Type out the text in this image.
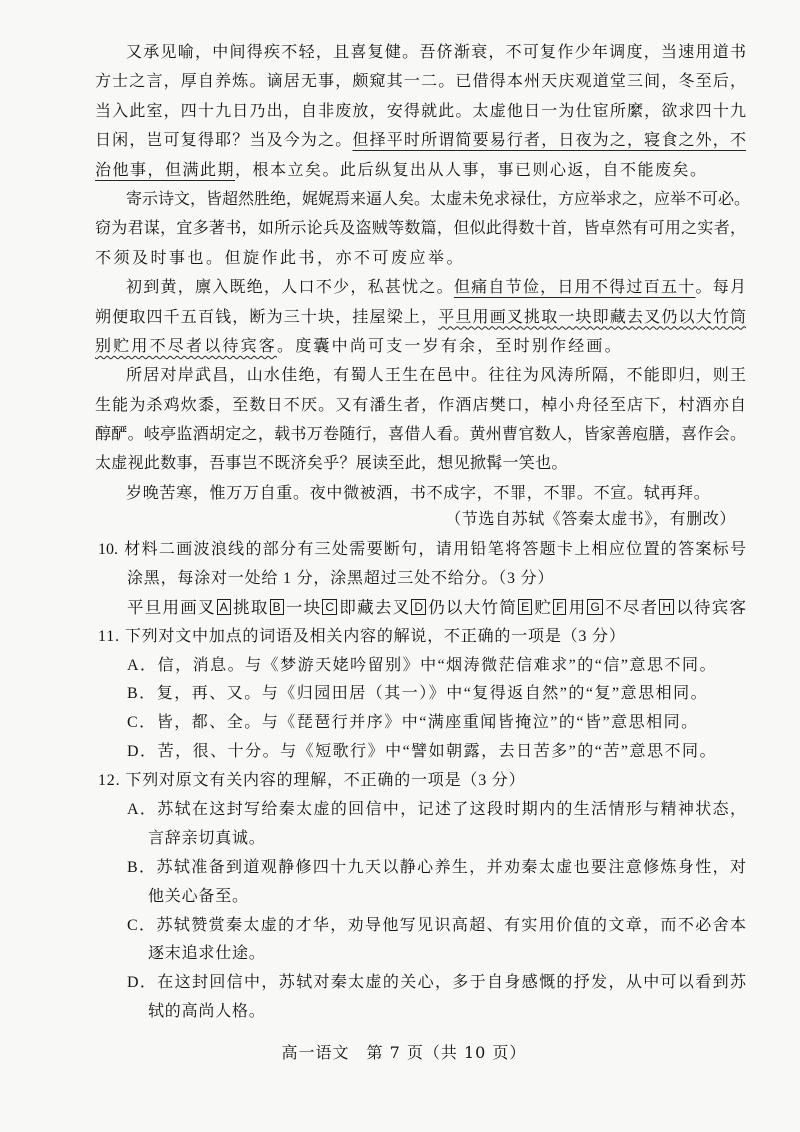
又承见喻，中间得疾不轻，且喜复健。吾侪渐衰，不可复作少年调度，当速用道书
方士之言，厚自养炼。谪居无事，颇窥其一二。已借得本州天庆观道堂三间，冬至后，
当入此室，四十九日乃出，自非废放，安得就此。太虚他日一为仕宦所縻，欲求四十九
日闲，岂可复得耶？当及今为之。但择平时所谓简要易行者，日夜为之，寝食之外，不
治他事，但满此期，根本立矣。此后纵复出从人事，事已则心返，自不能废矣。
寄示诗文，皆超然胜绝，娓娓焉来逼人矣。太虚未免求禄仕，方应举求之，应举不可必。
窃为君谋，宜多著书，如所示论兵及盗贼等数篇，但似此得数十首，皆卓然有可用之实者，
不须及时事也。但旋作此书，亦不可废应举。
初到黄，廪入既绝，人口不少，私甚忧之。但痛自节俭，日用不得过百五十。每月
朔便取四千五百钱，断为三十块，挂屋梁上，平旦用画叉挑取一块即藏去叉仍以大竹筒
别贮用不尽者以待宾客。度囊中尚可支一岁有余，至时别作经画。
所居对岸武昌，山水佳绝，有蜀人王生在邑中。往往为风涛所隔，不能即归，则王
生能为杀鸡炊黍，至数日不厌。又有潘生者，作酒店樊口，棹小舟径至店下，村酒亦自
醇酽。岐亭监酒胡定之，载书万卷随行，喜借人看。黄州曹官数人，皆家善庖膳，喜作会。
太虚视此数事，吾事岂不既济矣乎？展读至此，想见掀髯一笑也。
岁晚苦寒，惟万万自重。夜中微被酒，书不成字，不罪，不罪。不宣。轼再拜。
（节选自苏轼《答秦太虚书》，有删改）
10. 材料二画波浪线的部分有三处需要断句，请用铅笔将答题卡上相应位置的答案标号
涂黑，每涂对一处给 1 分，涂黑超过三处不给分。（3 分）
平旦用画叉 A 挑取 B 一块 C 即藏去叉 D 仍以大竹简 E 贮 F 用 G 不尽者 H 以待宾客
11. 下列对文中加点的词语及相关内容的解说，不正确的一项是（3 分）
A．信，消息。与《梦游天姥吟留别》中“烟涛微茫信难求”的“信”意思不同。
B．复，再、又。与《归园田居（其一）》中“复得返自然”的“复”意思相同。
C．皆，都、全。与《琵琶行并序》中“满座重闻皆掩泣”的“皆”意思相同。
D．苦，很、十分。与《短歌行》中“譬如朝露，去日苦多”的“苦”意思不同。
12. 下列对原文有关内容的理解，不正确的一项是（3 分）
A．苏轼在这封写给秦太虚的回信中，记述了这段时期内的生活情形与精神状态，
言辞亲切真诚。
B．苏轼准备到道观静修四十九天以静心养生，并劝秦太虚也要注意修炼身性，对
他关心备至。
C．苏轼赞赏秦太虚的才华，劝导他写见识高超、有实用价值的文章，而不必舍本
逐末追求仕途。
D．在这封回信中，苏轼对秦太虚的关心，多于自身感慨的抒发，从中可以看到苏
轼的高尚人格。
高一语文　第 7 页（共 10 页）
